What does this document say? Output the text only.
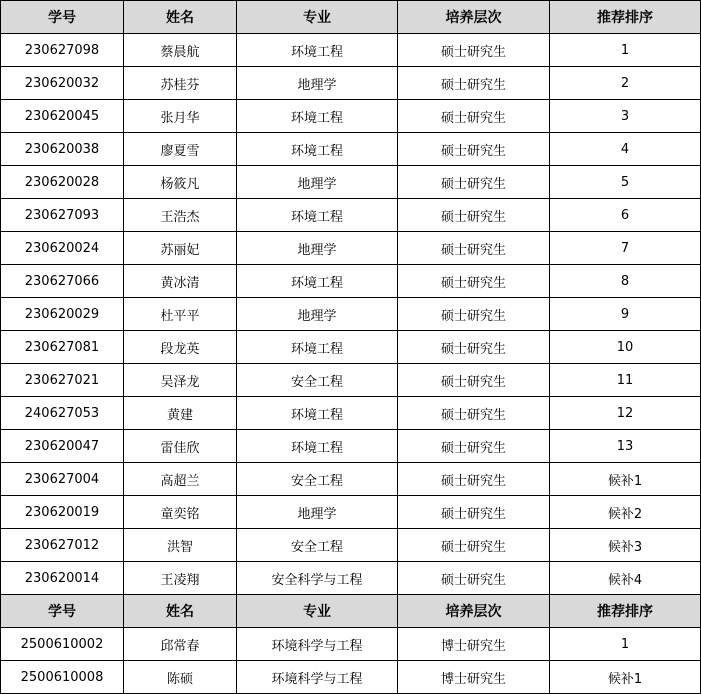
学号	姓名	专业	培养层次	推荐排序
230627098	蔡晨航	环境工程	硕士研究生	1
230620032	苏桂芬	地理学	硕士研究生	2
230620045	张月华	环境工程	硕士研究生	3
230620038	廖夏雪	环境工程	硕士研究生	4
230620028	杨筱凡	地理学	硕士研究生	5
230627093	王浩杰	环境工程	硕士研究生	6
230620024	苏丽妃	地理学	硕士研究生	7
230627066	黄冰清	环境工程	硕士研究生	8
230620029	杜平平	地理学	硕士研究生	9
230627081	段龙英	环境工程	硕士研究生	10
230627021	吴泽龙	安全工程	硕士研究生	11
240627053	黄建	环境工程	硕士研究生	12
230620047	雷佳欣	环境工程	硕士研究生	13
230627004	高超兰	安全工程	硕士研究生	候补1
230620019	童奕铭	地理学	硕士研究生	候补2
230627012	洪智	安全工程	硕士研究生	候补3
230620014	王凌翔	安全科学与工程	硕士研究生	候补4
学号	姓名	专业	培养层次	推荐排序
2500610002	邱常春	环境科学与工程	博士研究生	1
2500610008	陈硕	环境科学与工程	博士研究生	候补1
